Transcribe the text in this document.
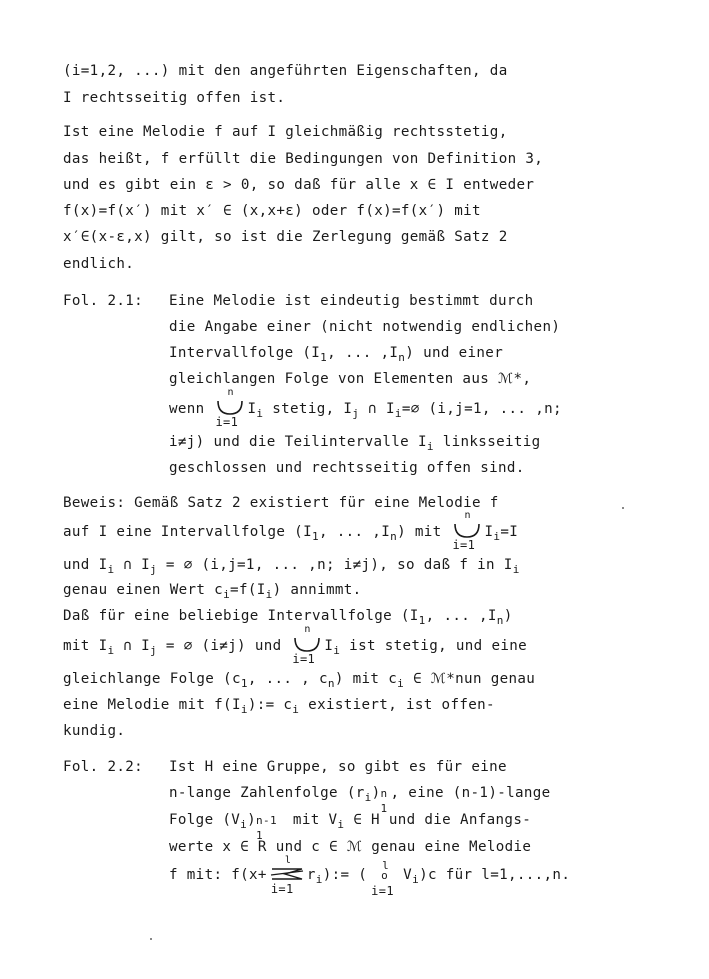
(i=1,2, ...) mit den angeführten Eigenschaften, da
I rechtsseitig offen ist.
Ist eine Melodie f auf I gleichmäßig rechtsstetig,
das heißt, f erfüllt die Bedingungen von Definition 3,
und es gibt ein ε > 0, so daß für alle x ∈ I entweder
f(x)=f(x′) mit x′ ∈ (x,x+ε) oder f(x)=f(x′) mit
x′∈(x-ε,x) gilt, so ist die Zerlegung gemäß Satz 2
endlich.
Fol. 2.1: Eine Melodie ist eindeutig bestimmt durch
die Angabe einer (nicht notwendig endlichen)
Intervallfolge ($I_1$, ... $,I_n$) und einer
gleichlangen Folge von Elementen aus ℳ*,
wenn
n
i=1
$I_i$ stetig, $I_j$ ∩ $I_i=\emptyset$ (i,j=1, ... ,n;
i≠j) und die Teilintervalle $I_i$ linksseitig
geschlossen und rechtsseitig offen sind.
Beweis: Gemäß Satz 2 existiert für eine Melodie f
auf I eine Intervallfolge ($I_1$, ... $,I_n$) mit
n
i=1
$I_i=I$
und $I_i$ ∩ $I_j$ = ∅ (i,j=1, ... ,n; i≠j), so daß f in $I_i$
genau einen Wert $c_i=f(I_i)$ annimmt.
Daß für eine beliebige Intervallfolge ($I_1$, ... $,I_n$)
mit $I_i$ ∩ $I_j$ = ∅ (i≠j) und
n
i=1
$I_i$ ist stetig, und eine
gleichlange Folge ($c_1$, ... , $c_n$) mit $c_i$ ∈ ℳ*nun genau
eine Melodie mit $f(I_i):= c_i$ existiert, ist offen-
kundig.
Fol. 2.2: Ist H eine Gruppe, so gibt es für eine
n-lange Zahlenfolge $(r_i)$ n
1
, eine (n-1)-lange
Folge $(V_i)$ n-1
1
mit $V_i$ ∈ H und die Anfangs-
werte x ∈ R und c ∈ ℳ genau eine Melodie
f mit: f(x+
l
i=1
$r_i):=$ (
l
o
i=1
$V_i)c$ für l=1,...,n.
